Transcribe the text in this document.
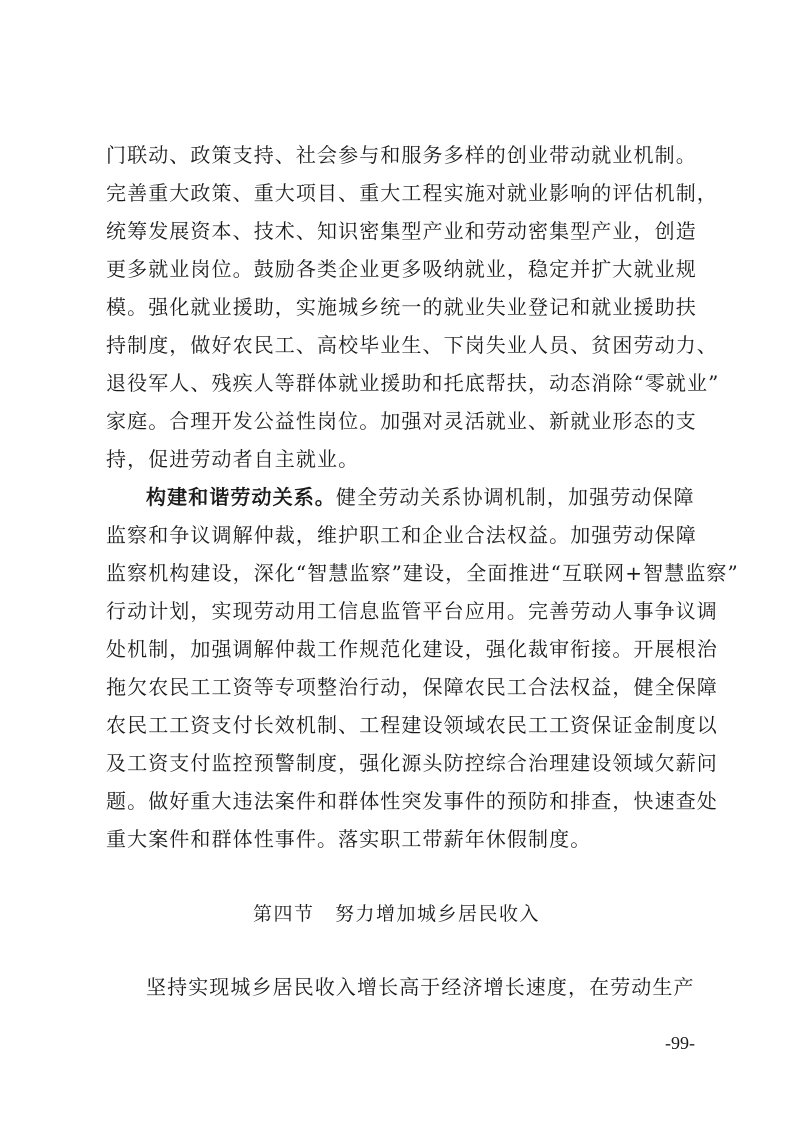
门联动、政策支持、社会参与和服务多样的创业带动就业机制。
完善重大政策、重大项目、重大工程实施对就业影响的评估机制，
统筹发展资本、技术、知识密集型产业和劳动密集型产业，创造
更多就业岗位。鼓励各类企业更多吸纳就业，稳定并扩大就业规
模。强化就业援助，实施城乡统一的就业失业登记和就业援助扶
持制度，做好农民工、高校毕业生、下岗失业人员、贫困劳动力、
退役军人、残疾人等群体就业援助和托底帮扶，动态消除“零就业”
家庭。合理开发公益性岗位。加强对灵活就业、新就业形态的支
持，促进劳动者自主就业。
构建和谐劳动关系。健全劳动关系协调机制，加强劳动保障
监察和争议调解仲裁，维护职工和企业合法权益。加强劳动保障
监察机构建设，深化“智慧监察”建设，全面推进“互联网+智慧监察”
行动计划，实现劳动用工信息监管平台应用。完善劳动人事争议调
处机制，加强调解仲裁工作规范化建设，强化裁审衔接。开展根治
拖欠农民工工资等专项整治行动，保障农民工合法权益，健全保障
农民工工资支付长效机制、工程建设领域农民工工资保证金制度以
及工资支付监控预警制度，强化源头防控综合治理建设领域欠薪问
题。做好重大违法案件和群体性突发事件的预防和排查，快速查处
重大案件和群体性事件。落实职工带薪年休假制度。
第四节　努力增加城乡居民收入
坚持实现城乡居民收入增长高于经济增长速度，在劳动生产
-99-
